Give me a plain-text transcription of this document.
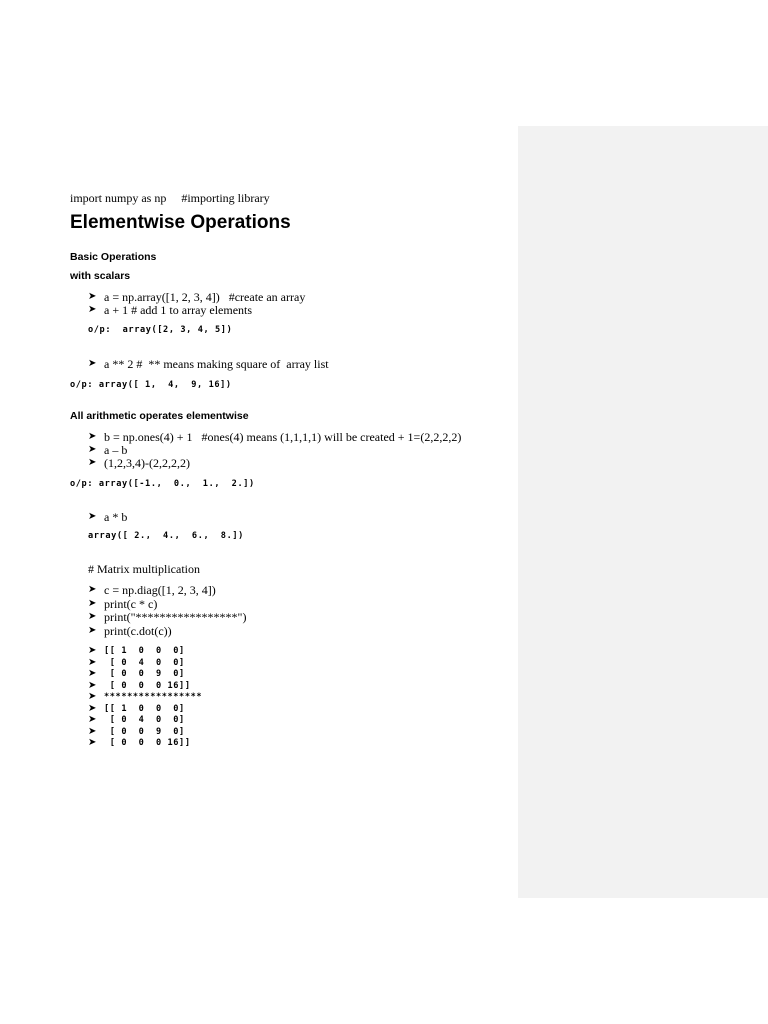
import numpy as np     #importing library
Elementwise Operations
Basic Operations
with scalars
➤ a = np.array([1, 2, 3, 4])   #create an array
➤ a + 1 # add 1 to array elements
o/p:  array([2, 3, 4, 5])
➤ a ** 2 #  ** means making square of  array list
o/p: array([ 1,  4,  9, 16])
All arithmetic operates elementwise
➤ b = np.ones(4) + 1   #ones(4) means (1,1,1,1) will be created + 1=(2,2,2,2)
➤ a – b
➤ (1,2,3,4)-(2,2,2,2)
o/p: array([-1.,  0.,  1.,  2.])
➤ a * b
array([ 2.,  4.,  6.,  8.])
# Matrix multiplication
➤ c = np.diag([1, 2, 3, 4])
➤ print(c * c)
➤ print("*****************")
➤ print(c.dot(c))
➤ [[ 1  0  0  0]
➤ [ 0  4  0  0]
➤ [ 0  0  9  0]
➤ [ 0  0  0 16]]
➤ *****************
➤ [[ 1  0  0  0]
➤ [ 0  4  0  0]
➤ [ 0  0  9  0]
➤ [ 0  0  0 16]]
